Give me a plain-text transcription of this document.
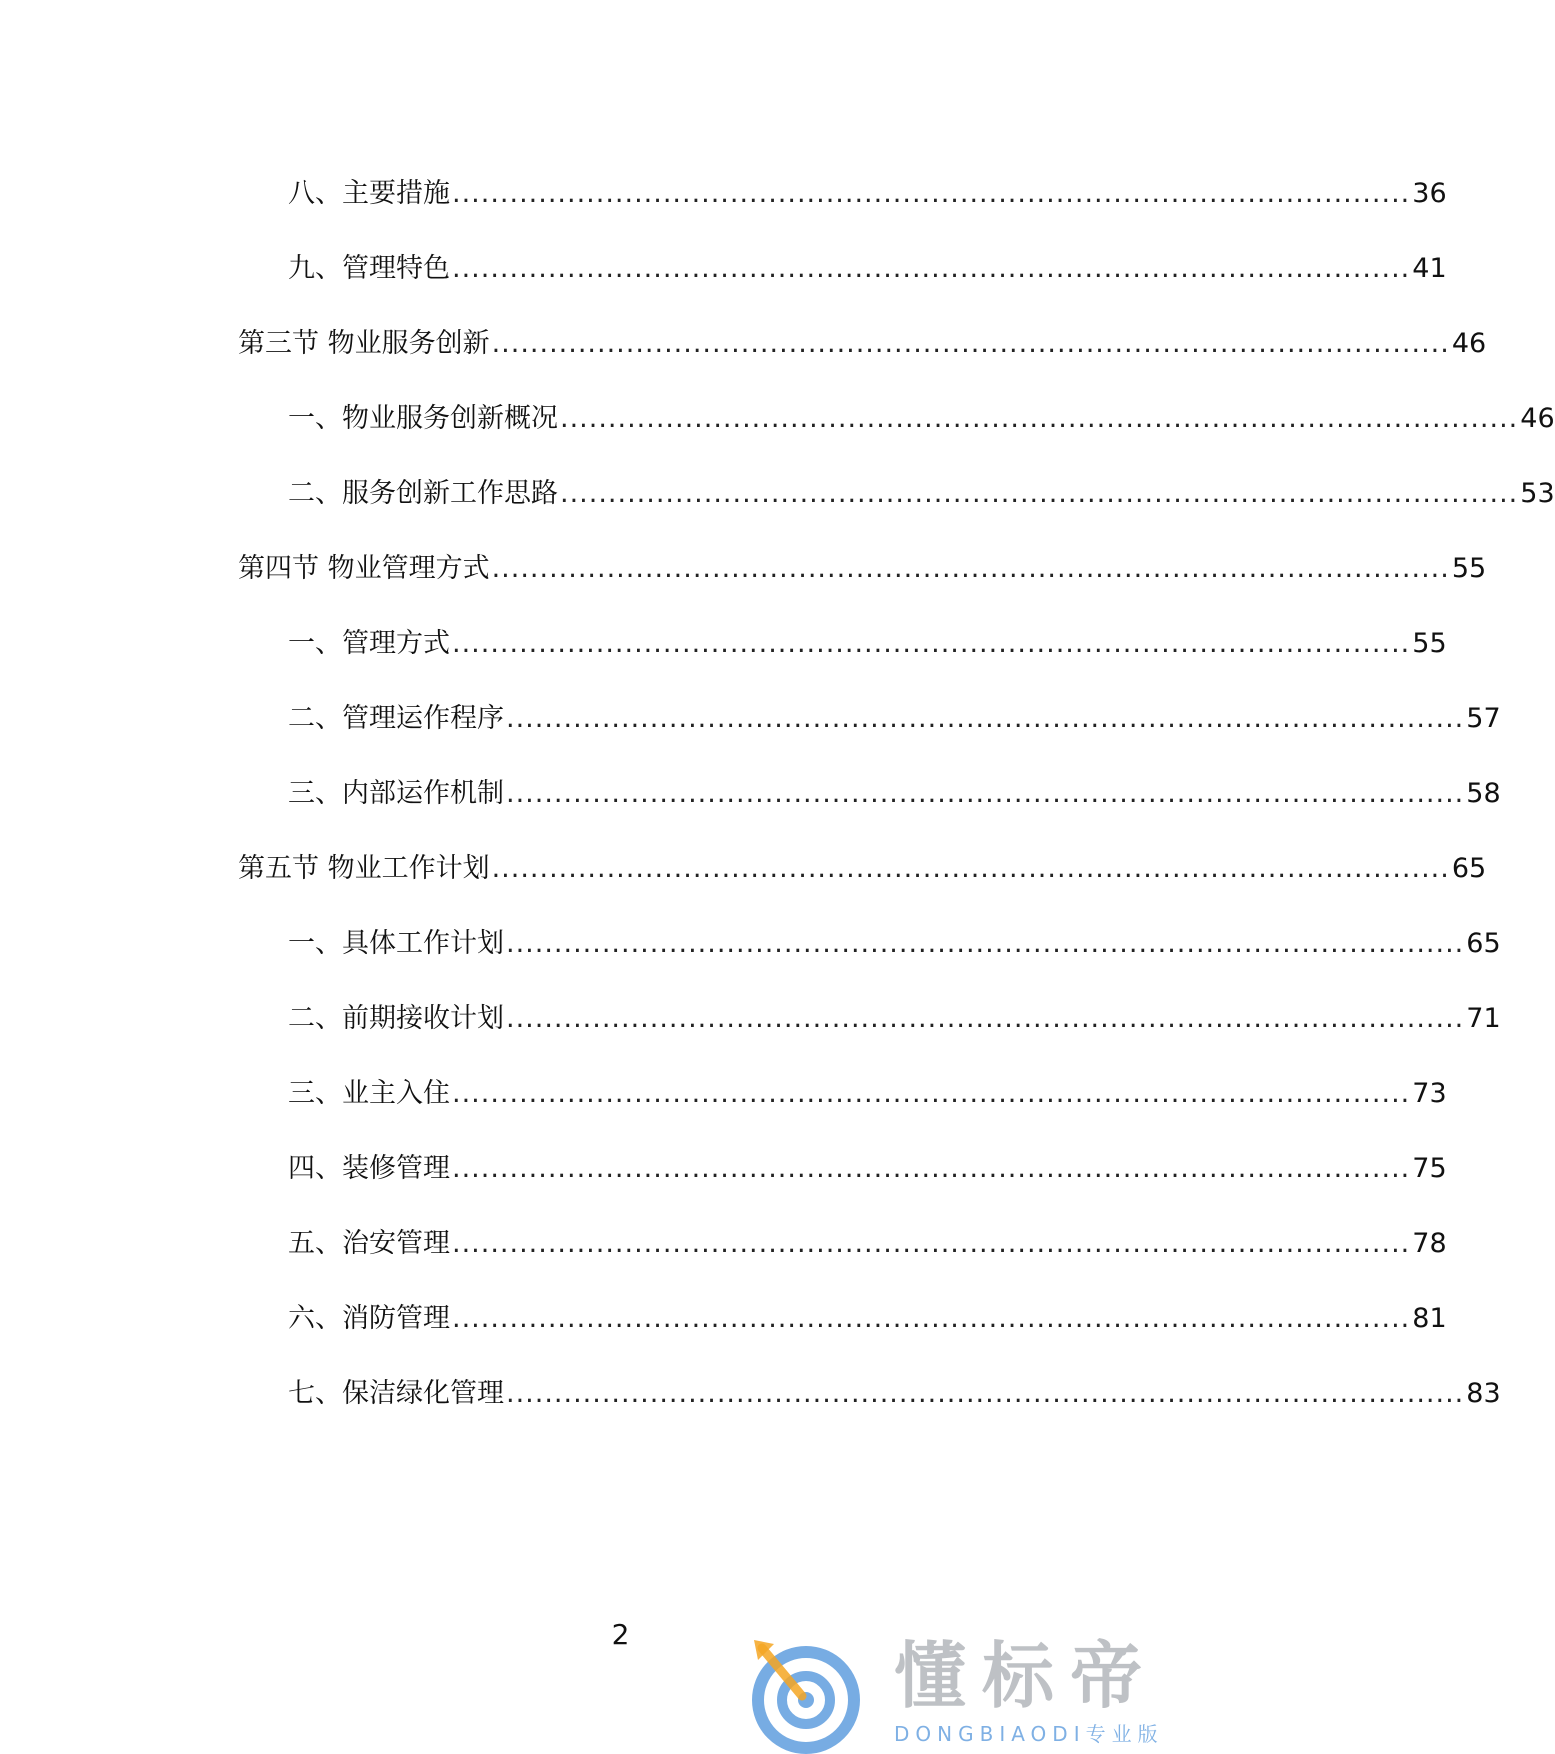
八、主要措施 .................................................................................................... 36
九、管理特色 .................................................................................................... 41
第三节 物业服务创新 .................................................................................................... 46
一、物业服务创新概况 .................................................................................................... 46
二、服务创新工作思路 .................................................................................................... 53
第四节 物业管理方式 .................................................................................................... 55
一、管理方式 .................................................................................................... 55
二、管理运作程序 .................................................................................................... 57
三、内部运作机制 .................................................................................................... 58
第五节 物业工作计划 .................................................................................................... 65
一、具体工作计划 .................................................................................................... 65
二、前期接收计划 .................................................................................................... 71
三、业主入住 .................................................................................................... 73
四、装修管理 .................................................................................................... 75
五、治安管理 .................................................................................................... 78
六、消防管理 .................................................................................................... 81
七、保洁绿化管理 .................................................................................................... 83
2	懂标帝
DONGBIAODI专业版
